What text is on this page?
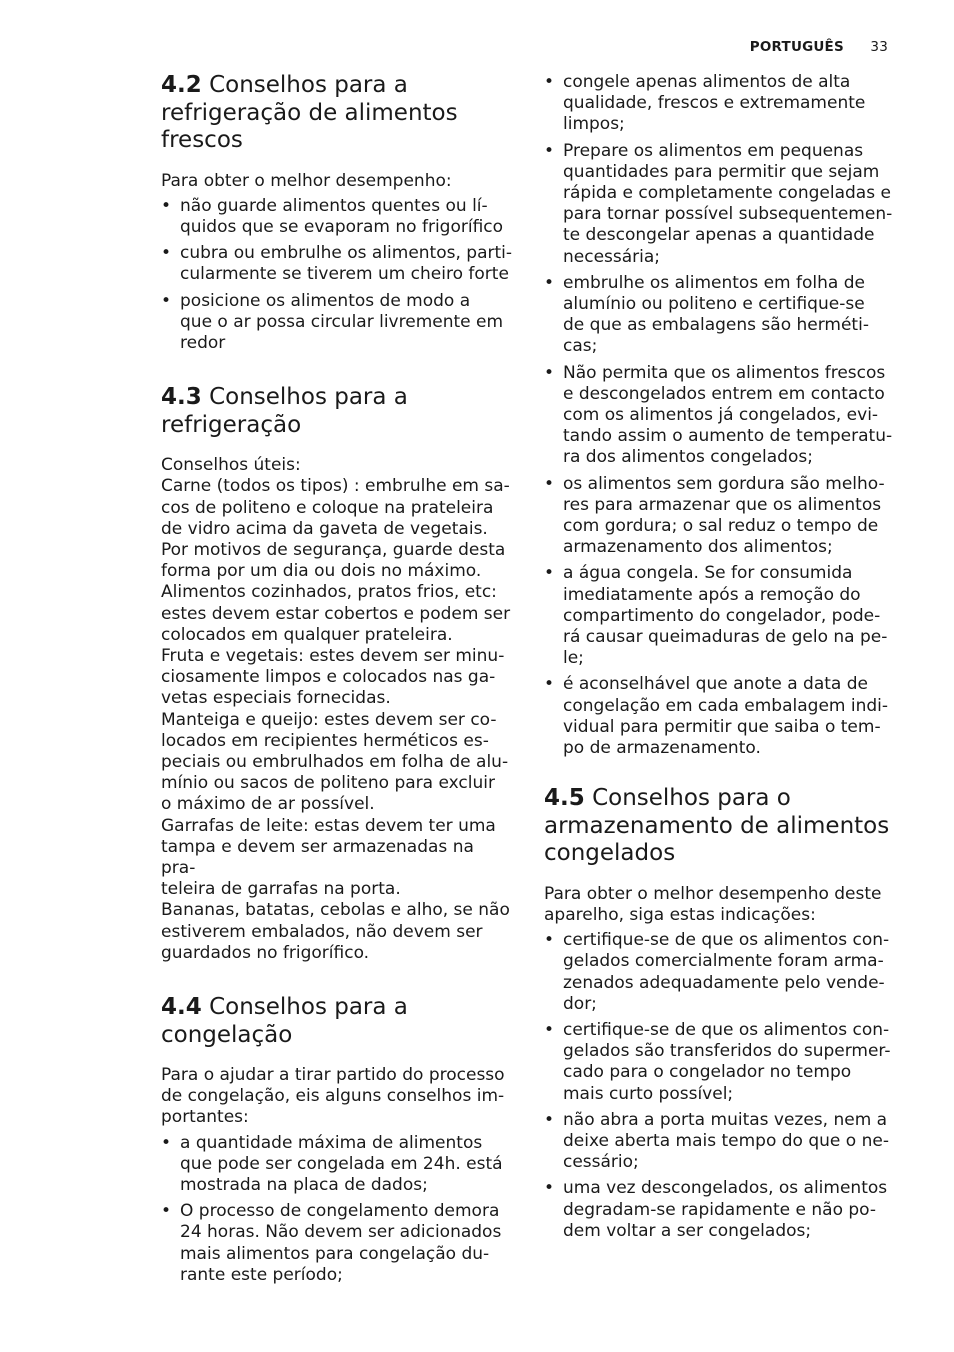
PORTUGUÊS 33
4.2 Conselhos para a refrigeração de alimentos frescos

Para obter o melhor desempenho:

• não guarde alimentos quentes ou lí-
quidos que se evaporam no frigorífico
• cubra ou embrulhe os alimentos, parti-
cularmente se tiverem um cheiro forte
• posicione os alimentos de modo a
que o ar possa circular livremente em
redor
4.3 Conselhos para a refrigeração

Conselhos úteis:
Carne (todos os tipos) : embrulhe em sa-
cos de politeno e coloque na prateleira
de vidro acima da gaveta de vegetais.
Por motivos de segurança, guarde desta
forma por um dia ou dois no máximo.
Alimentos cozinhados, pratos frios, etc:
estes devem estar cobertos e podem ser
colocados em qualquer prateleira.
Fruta e vegetais: estes devem ser minu-
ciosamente limpos e colocados nas ga-
vetas especiais fornecidas.
Manteiga e queijo: estes devem ser co-
locados em recipientes herméticos es-
peciais ou embrulhados em folha de alu-
mínio ou sacos de politeno para excluir
o máximo de ar possível.
Garrafas de leite: estas devem ter uma
tampa e devem ser armazenadas na pra-
teleira de garrafas na porta.
Bananas, batatas, cebolas e alho, se não
estiverem embalados, não devem ser
guardados no frigorífico.

4.4 Conselhos para a congelação

Para o ajudar a tirar partido do processo
de congelação, eis alguns conselhos im-
portantes:

• a quantidade máxima de alimentos
que pode ser congelada em 24h. está
mostrada na placa de dados;
• O processo de congelamento demora
24 horas. Não devem ser adicionados
mais alimentos para congelação du-
rante este período;
• congele apenas alimentos de alta
qualidade, frescos e extremamente
limpos;
• Prepare os alimentos em pequenas
quantidades para permitir que sejam
rápida e completamente congeladas e
para tornar possível subsequentemen-
te descongelar apenas a quantidade
necessária;
• embrulhe os alimentos em folha de
alumínio ou politeno e certifique-se
de que as embalagens são herméti-
cas;
• Não permita que os alimentos frescos
e descongelados entrem em contacto
com os alimentos já congelados, evi-
tando assim o aumento de temperatu-
ra dos alimentos congelados;
• os alimentos sem gordura são melho-
res para armazenar que os alimentos
com gordura; o sal reduz o tempo de
armazenamento dos alimentos;
• a água congela. Se for consumida
imediatamente após a remoção do
compartimento do congelador, pode-
rá causar queimaduras de gelo na pe-
le;
• é aconselhável que anote a data de
congelação em cada embalagem indi-
vidual para permitir que saiba o tem-
po de armazenamento.
4.5 Conselhos para o armazenamento de alimentos congelados

Para obter o melhor desempenho deste
aparelho, siga estas indicações:

• certifique-se de que os alimentos con-
gelados comercialmente foram arma-
zenados adequadamente pelo vende-
dor;
• certifique-se de que os alimentos con-
gelados são transferidos do supermer-
cado para o congelador no tempo
mais curto possível;
• não abra a porta muitas vezes, nem a
deixe aberta mais tempo do que o ne-
cessário;
• uma vez descongelados, os alimentos
degradam-se rapidamente e não po-
dem voltar a ser congelados;
